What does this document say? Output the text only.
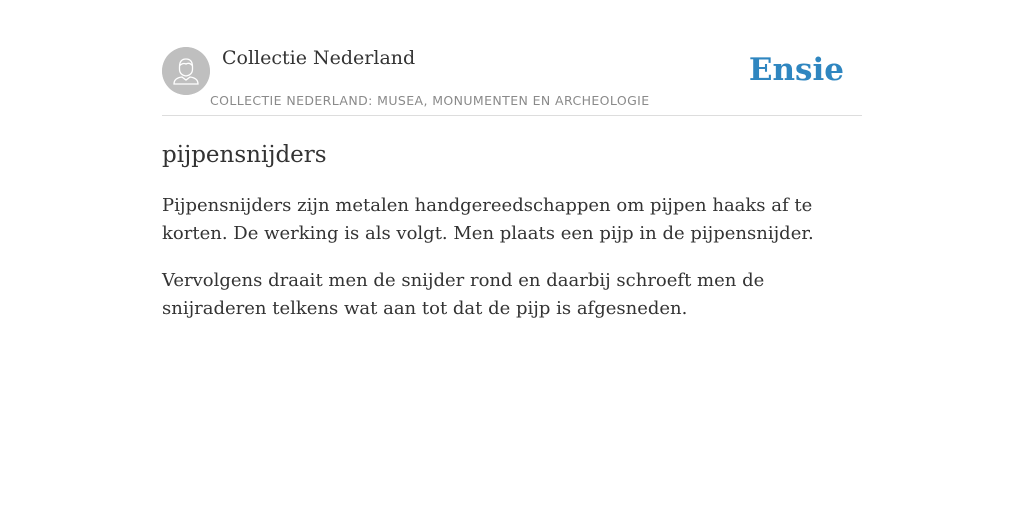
Collectie Nederland
COLLECTIE NEDERLAND: MUSEA, MONUMENTEN EN ARCHEOLOGIE
Ensie
pijpensnijders

Pijpensnijders zijn metalen handgereedschappen om pijpen haaks af te korten. De werking is als volgt. Men plaats een pijp in de pijpensnijder.

Vervolgens draait men de snijder rond en daarbij schroeft men de snijraderen telkens wat aan tot dat de pijp is afgesneden.
